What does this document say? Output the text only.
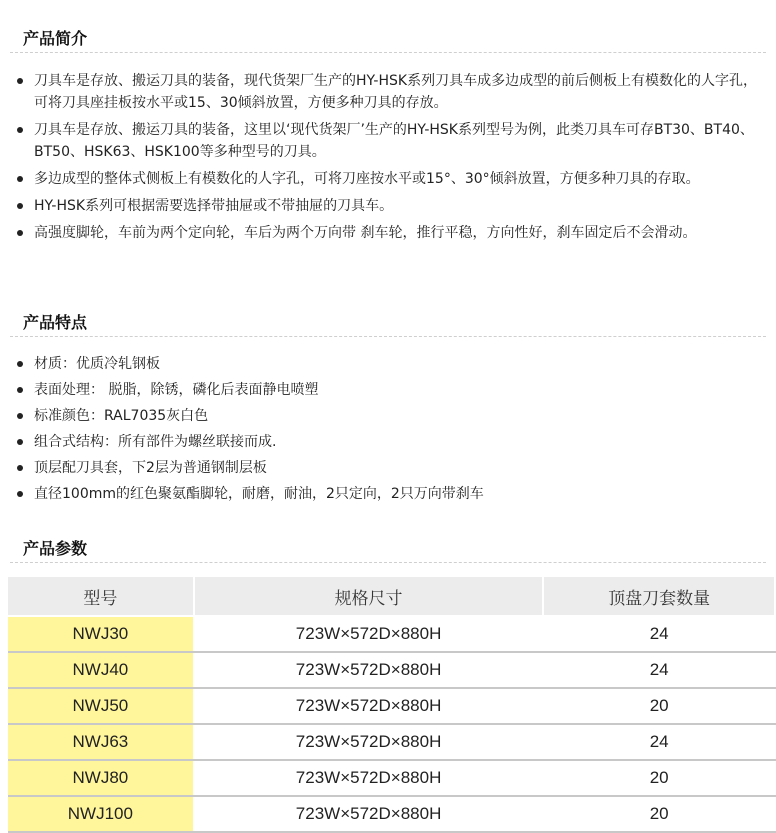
产品简介
刀具车是存放、搬运刀具的装备，现代货架厂生产的HY-HSK系列刀具车成多边成型的前后侧板上有模数化的人字孔，可将刀具座挂板按水平或15、30倾斜放置，方便多种刀具的存放。
刀具车是存放、搬运刀具的装备，这里以‘现代货架厂’生产的HY-HSK系列型号为例，此类刀具车可存BT30、BT40、BT50、HSK63、HSK100等多种型号的刀具。
多边成型的整体式侧板上有模数化的人字孔，可将刀座按水平或15°、30°倾斜放置，方便多种刀具的存取。
HY-HSK系列可根据需要选择带抽屉或不带抽屉的刀具车。
高强度脚轮，车前为两个定向轮，车后为两个万向带 刹车轮，推行平稳，方向性好，刹车固定后不会滑动。
产品特点
材质：优质冷轧钢板
表面处理： 脱脂，除锈，磷化后表面静电喷塑
标准颜色：RAL7035灰白色
组合式结构：所有部件为螺丝联接而成.
顶层配刀具套，下2层为普通钢制层板
直径100mm的红色聚氨酯脚轮，耐磨，耐油，2只定向，2只万向带刹车
产品参数
型号	规格尺寸	顶盘刀套数量
NWJ30	723W×572D×880H	24
NWJ40	723W×572D×880H	24
NWJ50	723W×572D×880H	20
NWJ63	723W×572D×880H	24
NWJ80	723W×572D×880H	20
NWJ100	723W×572D×880H	20
